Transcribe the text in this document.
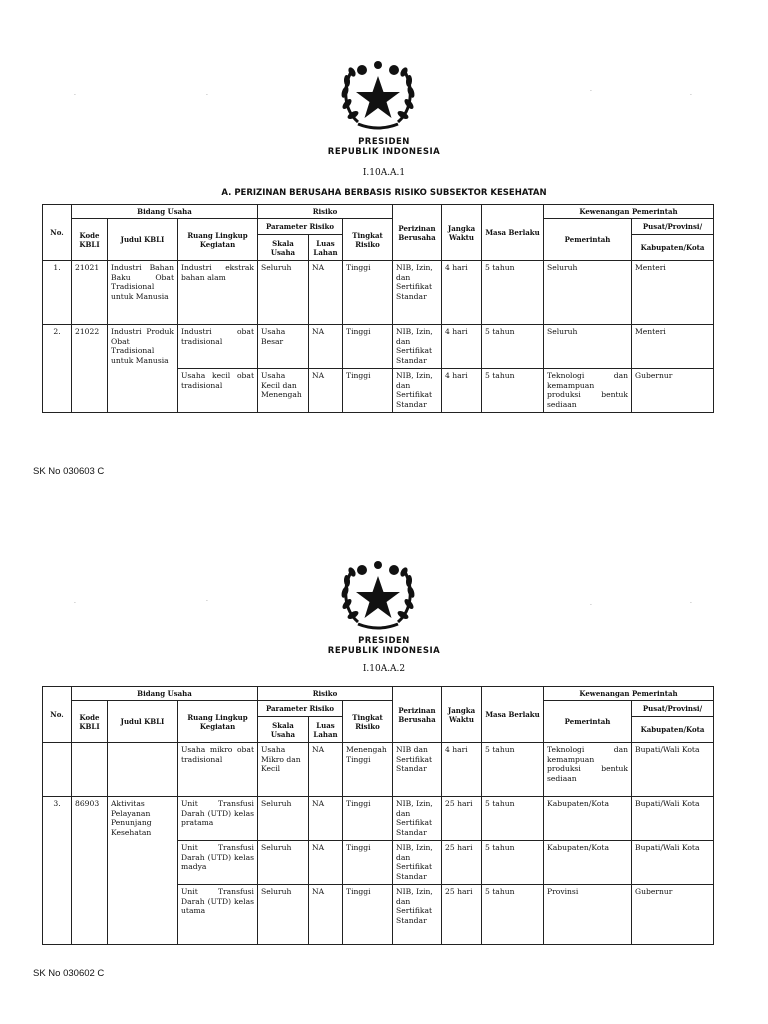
·	·
·
·
PRESIDEN
REPUBLIK INDONESIA
I.10A.A.1
A. PERIZINAN BERUSAHA BERBASIS RISIKO SUBSEKTOR KESEHATAN
No.	Bidang Usaha			Risiko			Perizinan Berusaha	Jangka Waktu	Masa Berlaku	Kewenangan Pemerintah	
	Kode KBLI	Judul KBLI	Ruang Lingkup Kegiatan	Parameter Risiko		Tingkat Risiko				Pemerintah	Pusat/Provinsi/
				Skala Usaha	Luas Lahan						Kabupaten/Kota
1.	21021	Industri Bahan Baku Obat Tradisional untuk Manusia	Industri ekstrak bahan alam	Seluruh	NA	Tinggi	NIB, Izin, dan Sertifikat Standar	4 hari	5 tahun	Seluruh	Menteri
2.	21022	Industri Produk Obat Tradisional untuk Manusia	Industri obat tradisional	Usaha Besar	NA	Tinggi	NIB, Izin, dan Sertifikat Standar	4 hari	5 tahun	Seluruh	Menteri
			Usaha kecil obat tradisional	Usaha Kecil dan Menengah	NA	Tinggi	NIB, Izin, dan Sertifikat Standar	4 hari	5 tahun	Teknologi dan kemampuan produksi bentuk sediaan	Gubernur
SK No 030603 C
·	·
·	·
PRESIDEN
REPUBLIK INDONESIA
I.10A.A.2
No.	Bidang Usaha			Risiko			Perizinan Berusaha	Jangka Waktu	Masa Berlaku	Kewenangan Pemerintah	
	Kode KBLI	Judul KBLI	Ruang Lingkup Kegiatan	Parameter Risiko		Tingkat Risiko				Pemerintah	Pusat/Provinsi/
				Skala Usaha	Luas Lahan						Kabupaten/Kota
			Usaha mikro obat tradisional	Usaha Mikro dan Kecil	NA	Menengah Tinggi	NIB dan Sertifikat Standar	4 hari	5 tahun	Teknologi dan kemampuan produksi bentuk sediaan	Bupati/Wali Kota
3.	86903	Aktivitas Pelayanan Penunjang Kesehatan	Unit Transfusi Darah (UTD) kelas pratama	Seluruh	NA	Tinggi	NIB, Izin, dan Sertifikat Standar	25 hari	5 tahun	Kabupaten/Kota	Bupati/Wali Kota
			Unit Transfusi Darah (UTD) kelas madya	Seluruh	NA	Tinggi	NIB, Izin, dan Sertifikat Standar	25 hari	5 tahun	Kabupaten/Kota	Bupati/Wali Kota
			Unit Transfusi Darah (UTD) kelas utama	Seluruh	NA	Tinggi	NIB, Izin, dan Sertifikat Standar	25 hari	5 tahun	Provinsi	Gubernur
SK No 030602 C
